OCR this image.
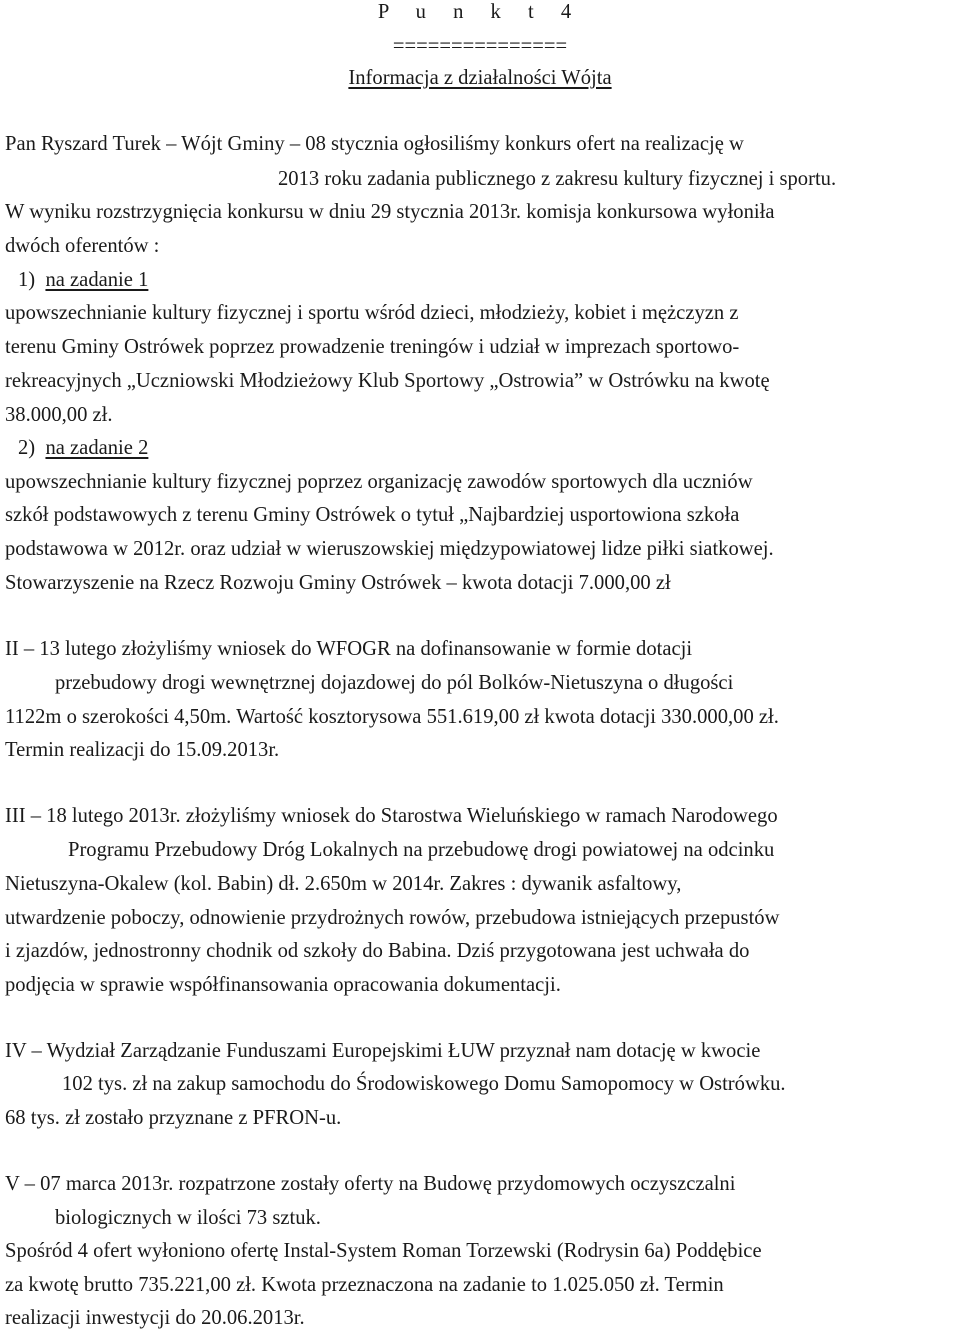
P u n k t 4

===============

Informacja z działalności Wójta

Pan Ryszard Turek – Wójt Gminy – 08 stycznia ogłosiliśmy konkurs ofert na realizację w

2013 roku zadania publicznego z zakresu kultury fizycznej i sportu.

W wyniku rozstrzygnięcia konkursu w dniu 29 stycznia 2013r. komisja konkursowa wyłoniła

dwóch oferentów :

1) na zadanie 1

upowszechnianie kultury fizycznej i sportu wśród dzieci, młodzieży, kobiet i mężczyzn z

terenu Gminy Ostrówek poprzez prowadzenie treningów i udział w imprezach sportowo-

rekreacyjnych „Uczniowski Młodzieżowy Klub Sportowy „Ostrowia” w Ostrówku na kwotę

38.000,00 zł.

2) na zadanie 2

upowszechnianie kultury fizycznej poprzez organizację zawodów sportowych dla uczniów

szkół podstawowych z terenu Gminy Ostrówek o tytuł „Najbardziej usportowiona szkoła

podstawowa w 2012r. oraz udział w wieruszowskiej międzypowiatowej lidze piłki siatkowej.

Stowarzyszenie na Rzecz Rozwoju Gminy Ostrówek – kwota dotacji 7.000,00 zł

II – 13 lutego złożyliśmy wniosek do WFOGR na dofinansowanie w formie dotacji

przebudowy drogi wewnętrznej dojazdowej do pól Bolków-Nietuszyna o długości

1122m o szerokości 4,50m. Wartość kosztorysowa 551.619,00 zł kwota dotacji 330.000,00 zł.

Termin realizacji do 15.09.2013r.

III – 18 lutego 2013r. złożyliśmy wniosek do Starostwa Wieluńskiego w ramach Narodowego

Programu Przebudowy Dróg Lokalnych na przebudowę drogi powiatowej na odcinku

Nietuszyna-Okalew (kol. Babin) dł. 2.650m w 2014r. Zakres : dywanik asfaltowy,

utwardzenie poboczy, odnowienie przydrożnych rowów, przebudowa istniejących przepustów

i zjazdów, jednostronny chodnik od szkoły do Babina. Dziś przygotowana jest uchwała do

podjęcia w sprawie współfinansowania opracowania dokumentacji.

IV – Wydział Zarządzanie Funduszami Europejskimi ŁUW przyznał nam dotację w kwocie

102 tys. zł na zakup samochodu do Środowiskowego Domu Samopomocy w Ostrówku.

68 tys. zł zostało przyznane z PFRON-u.

V – 07 marca 2013r. rozpatrzone zostały oferty na Budowę przydomowych oczyszczalni

biologicznych w ilości 73 sztuk.

Spośród 4 ofert wyłoniono ofertę Instal-System Roman Torzewski (Rodrysin 6a) Poddębice

za kwotę brutto 735.221,00 zł. Kwota przeznaczona na zadanie to 1.025.050 zł. Termin

realizacji inwestycji do 20.06.2013r.
